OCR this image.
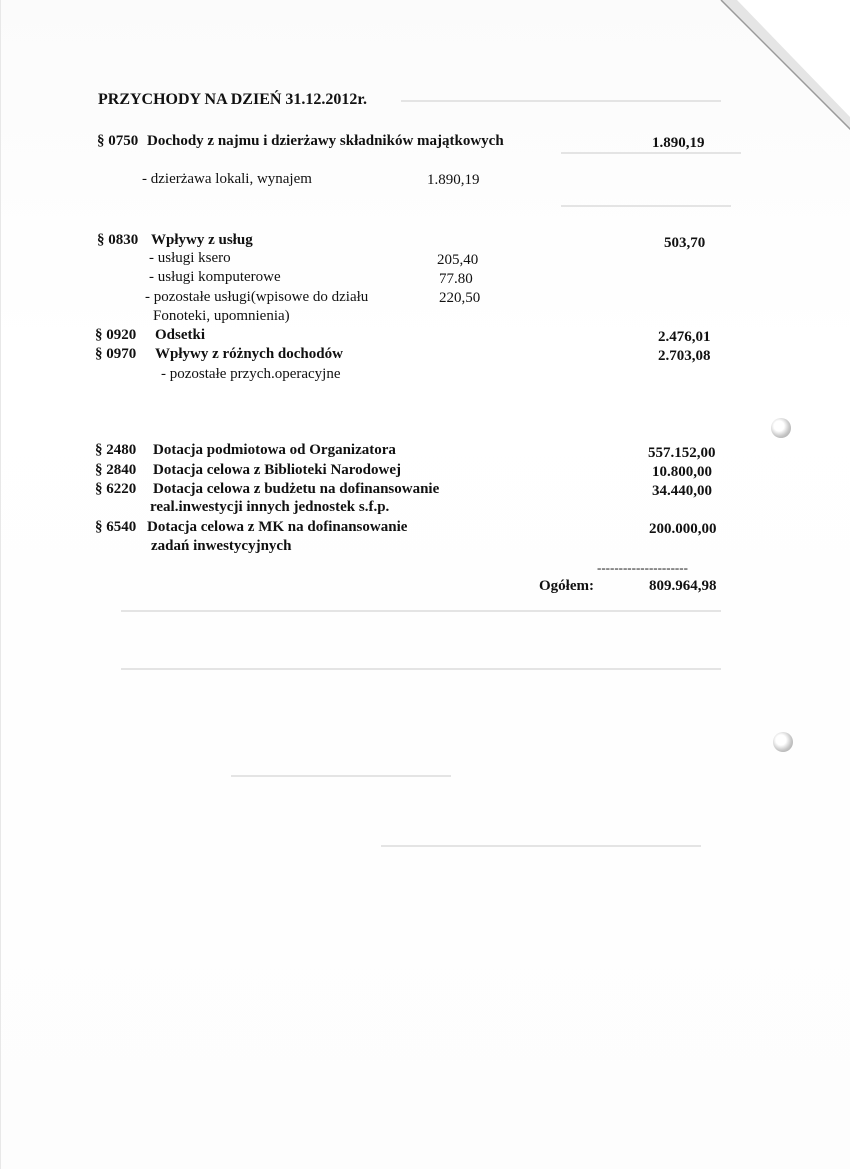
PRZYCHODY NA DZIEŃ 31.12.2012r.
§ 0750 Dochody z najmu i dzierżawy składników majątkowych	1.890,19
- dzierżawa lokali, wynajem	1.890,19
§ 0830 Wpływy z usług	503,70
- usługi ksero	205,40
- usługi komputerowe	77.80
- pozostałe usługi(wpisowe do działu	220,50
Fonoteki, upomnienia)
§ 0920 Odsetki	2.476,01
§ 0970 Wpływy z różnych dochodów	2.703,08
- pozostałe przych.operacyjne
§ 2480 Dotacja podmiotowa od Organizatora	557.152,00
§ 2840 Dotacja celowa z Biblioteki Narodowej	10.800,00
§ 6220 Dotacja celowa z budżetu na dofinansowanie	34.440,00
real.inwestycji innych jednostek s.f.p.
§ 6540 Dotacja celowa z MK na dofinansowanie	200.000,00
zadań inwestycyjnych
---------------------
Ogółem:	809.964,98
